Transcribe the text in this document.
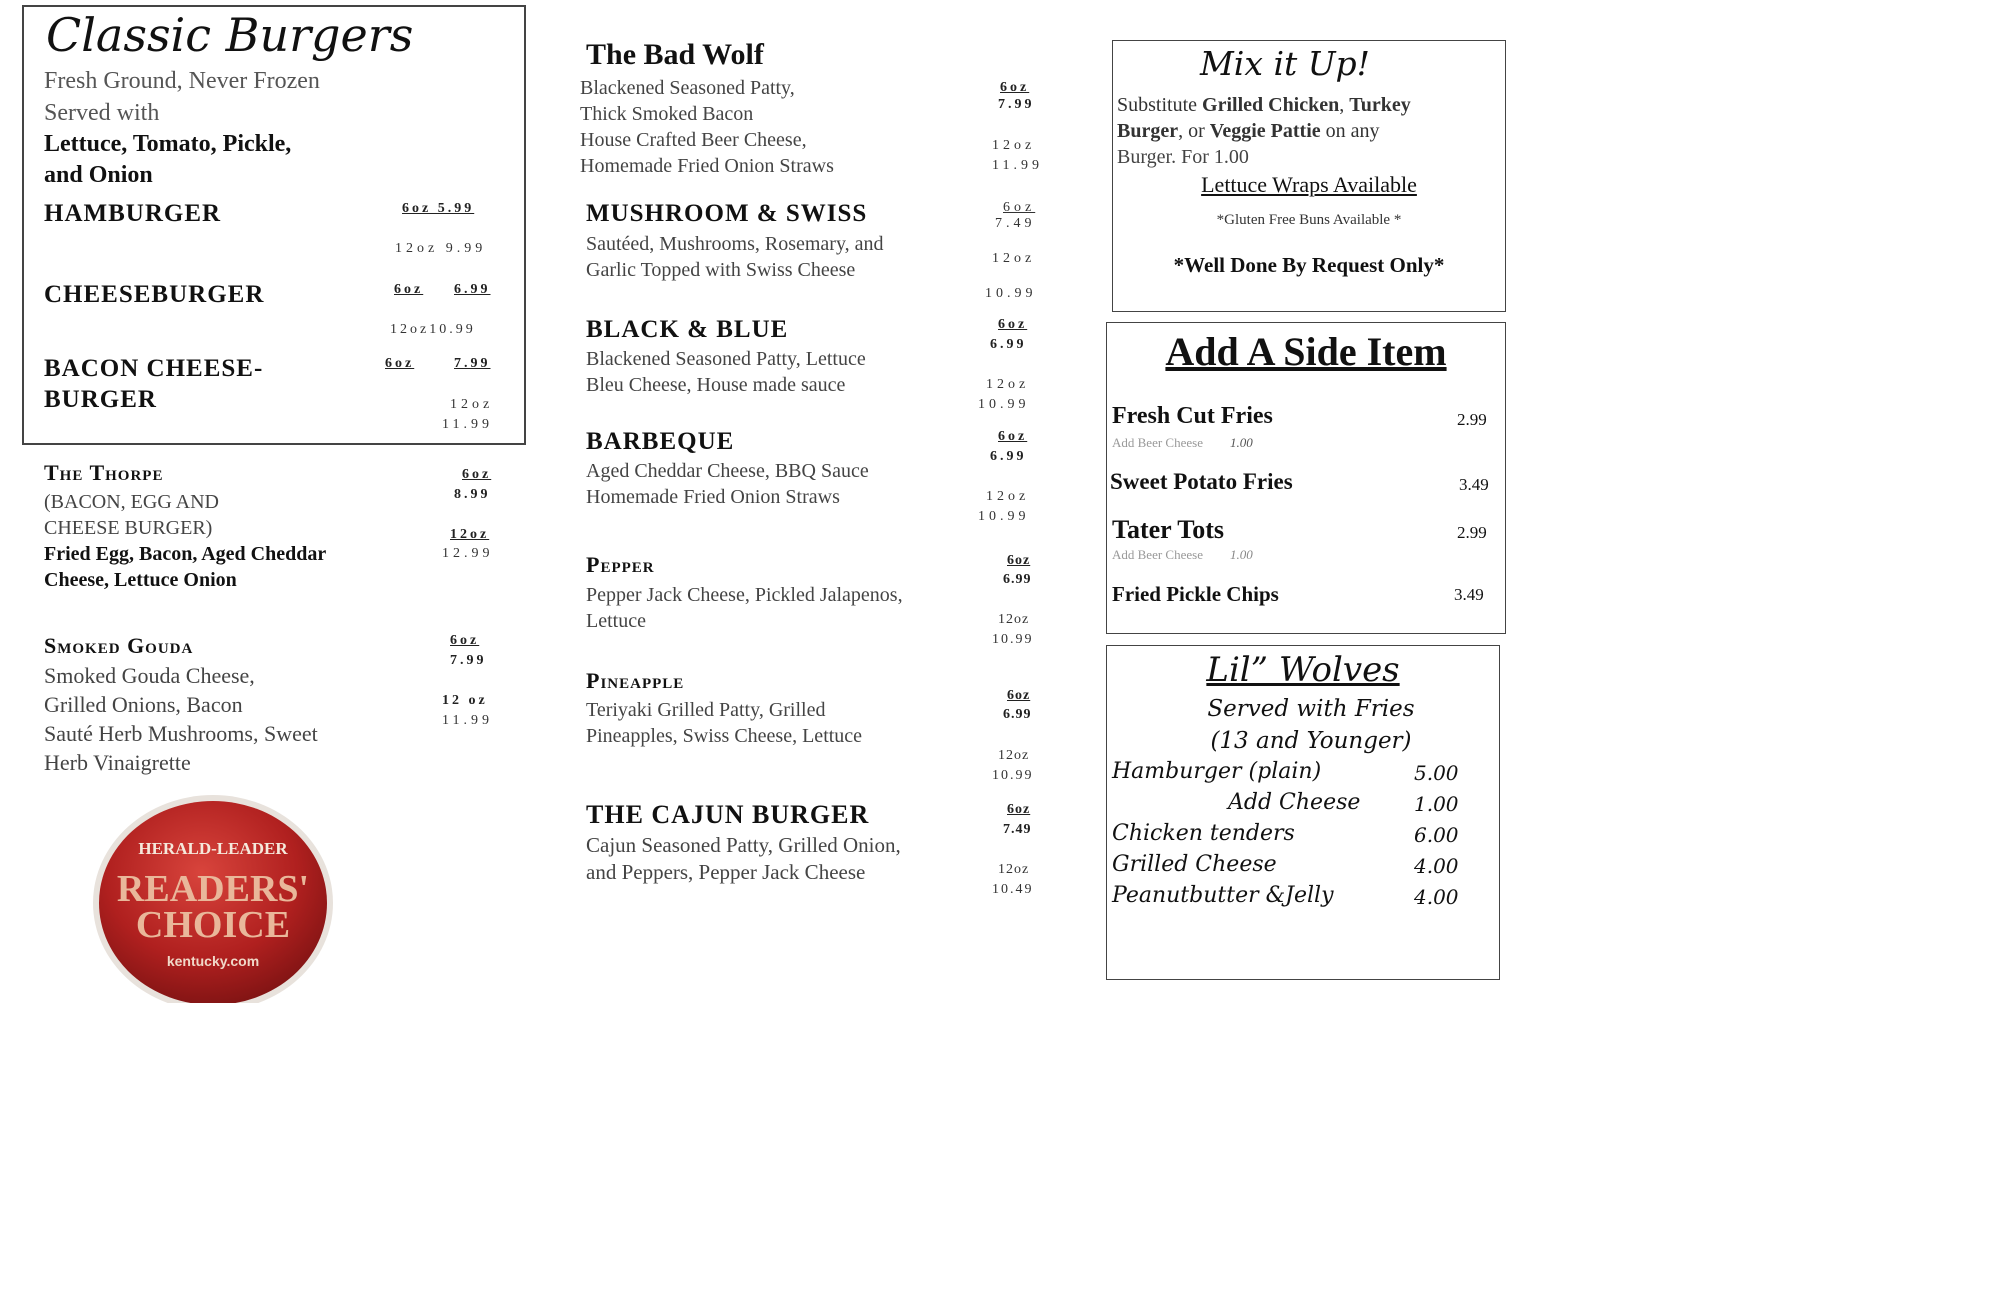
Classic Burgers
Fresh Ground, Never Frozen
Served with
Lettuce, Tomato, Pickle,
and Onion
HAMBURGER	6oz 5.99
12oz 9.99
CHEESEBURGER	6oz 6.99
12oz10.99
BACON CHEESE-
BURGER
6oz	7.99
12oz
11.99
The Thorpe
(BACON, EGG AND
CHEESE BURGER)
Fried Egg, Bacon, Aged Cheddar
Cheese, Lettuce Onion
6oz
8.99
12oz
12.99
Smoked Gouda
Smoked Gouda Cheese,
Grilled Onions, Bacon
Sauté Herb Mushrooms, Sweet
Herb Vinaigrette
6oz
7.99
12 oz
11.99
HERALD-LEADER
READERS'
CHOICE
kentucky.com
The Bad Wolf
Blackened Seasoned Patty,
Thick Smoked Bacon
House Crafted Beer Cheese,
Homemade Fried Onion Straws
6oz
7.99
12oz
11.99
MUSHROOM & SWISS
Sautéed, Mushrooms, Rosemary, and
Garlic Topped with Swiss Cheese
6oz
7.49
12oz
10.99
BLACK & BLUE
Blackened Seasoned Patty, Lettuce
Bleu Cheese, House made sauce
6oz
6.99
12oz
10.99
BARBEQUE
Aged Cheddar Cheese, BBQ Sauce
Homemade Fried Onion Straws
6oz
6.99
12oz
10.99
Pepper
Pepper Jack Cheese, Pickled Jalapenos,
Lettuce
6oz
6.99
12oz
10.99
Pineapple
Teriyaki Grilled Patty, Grilled
Pineapples, Swiss Cheese, Lettuce
6oz
6.99
12oz
10.99
THE CAJUN BURGER
Cajun Seasoned Patty, Grilled Onion,
and Peppers, Pepper Jack Cheese
6oz
7.49
12oz
10.49
Mix it Up!
Substitute Grilled Chicken, Turkey
Burger, or Veggie Pattie on any
Burger. For 1.00
Lettuce Wraps Available
*Gluten Free Buns Available *
*Well Done By Request Only*
Add A Side Item
Fresh Cut Fries	2.99
Add Beer Cheese 1.00
Sweet Potato Fries	3.49
Tater Tots	2.99
Add Beer Cheese 1.00
Fried Pickle Chips	3.49
Lil” Wolves
Served with Fries
(13 and Younger)
Hamburger (plain)	5.00
Add Cheese	1.00
Chicken tenders	6.00
Grilled Cheese	4.00
Peanutbutter &Jelly	4.00
